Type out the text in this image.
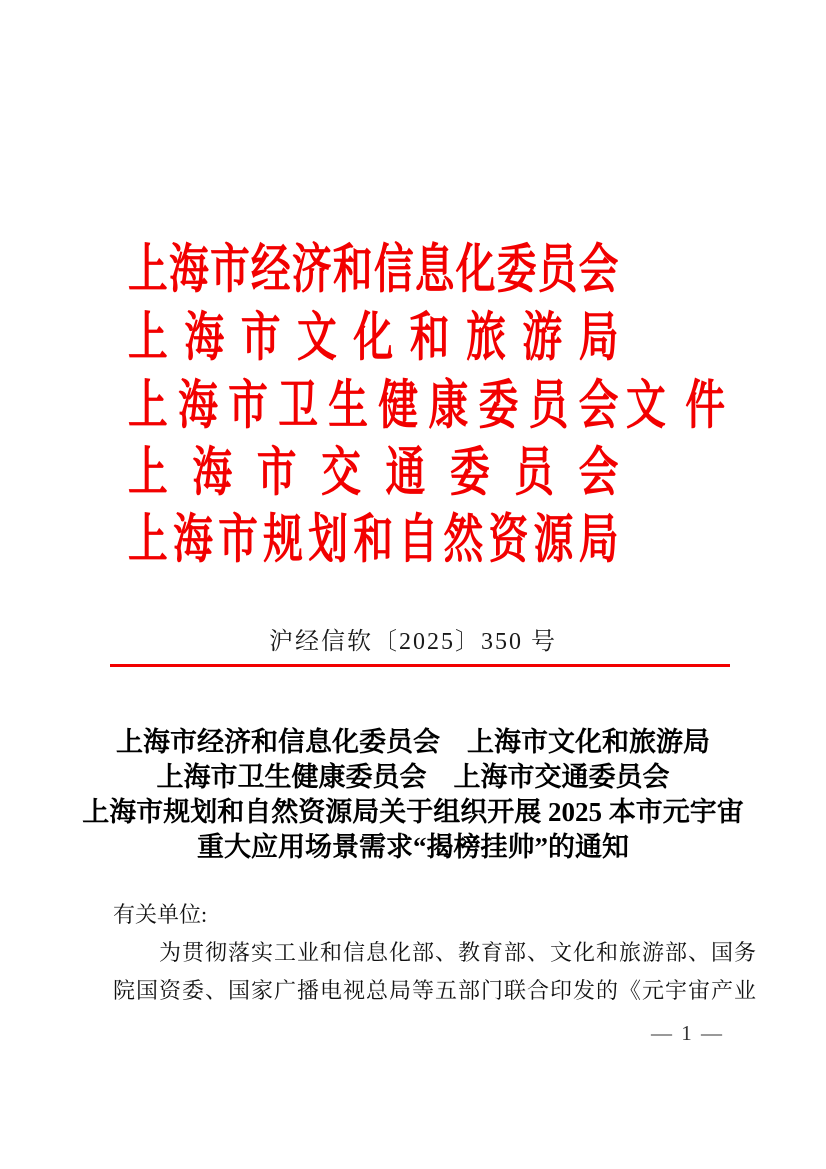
上 海 市 经 济 和 信 息 化 委 员 会
上 海 市 文 化 和 旅 游 局
上 海 市 卫 生 健 康 委 员 会
上 海 市 交 通 委 员 会
上 海 市 规 划 和 自 然 资 源 局
文 件
沪经信软〔2025〕350 号
上海市经济和信息化委员会　上海市文化和旅游局
上海市卫生健康委员会　上海市交通委员会
上海市规划和自然资源局关于组织开展 2025 本市元宇宙
重大应用场景需求“揭榜挂帅”的通知
有关单位:
为贯彻落实工业和信息化部、教育部、文化和旅游部、国务
院国资委、国家广播电视总局等五部门联合印发的《元宇宙产业
— 1 —
